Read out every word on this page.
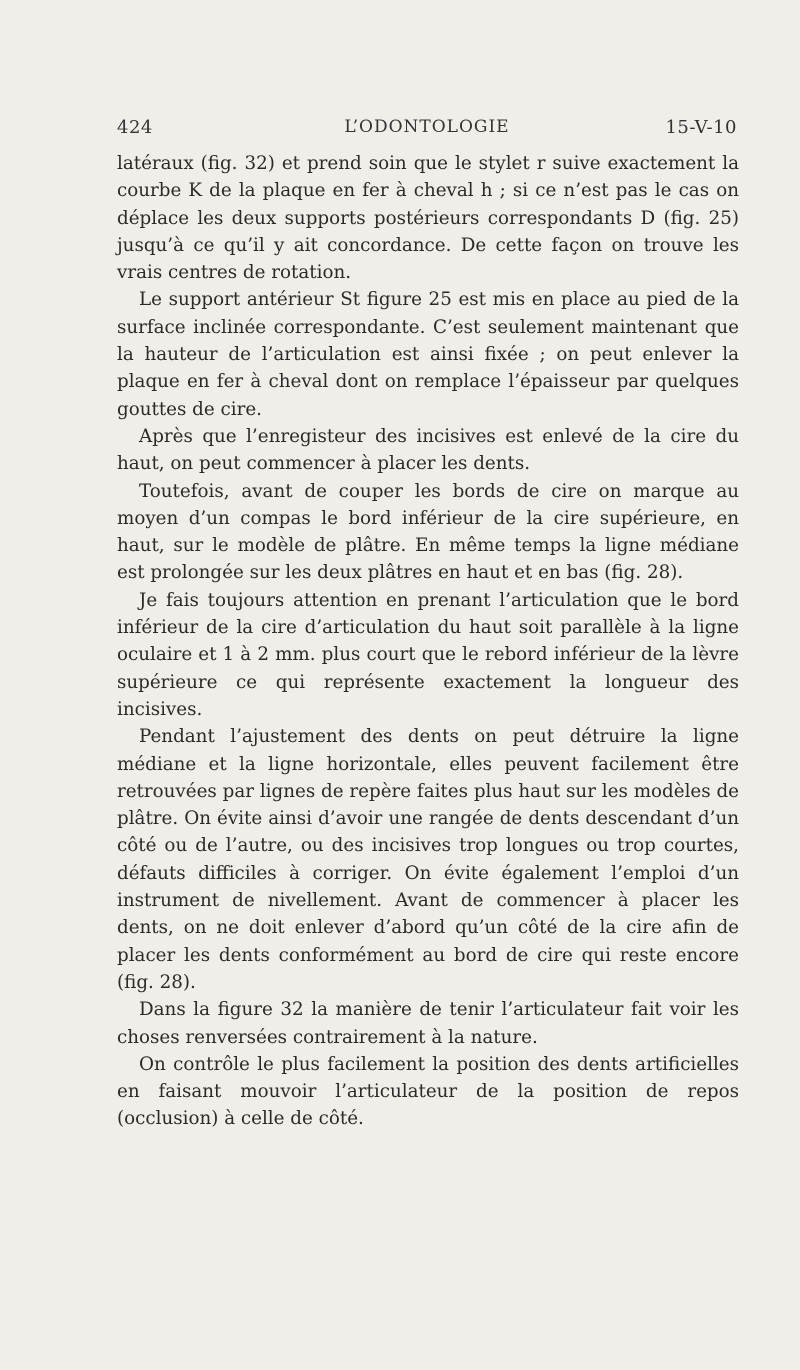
424	L’ODONTOLOGIE	15-V-10

latéraux (fig. 32) et prend soin que le stylet r suive exactement la courbe K de la plaque en fer à cheval h ; si ce n’est pas le cas on déplace les deux supports postérieurs correspondants D (fig. 25) jusqu’à ce qu’il y ait concordance. De cette façon on trouve les vrais centres de rotation.

Le support antérieur St figure 25 est mis en place au pied de la surface inclinée correspondante. C’est seulement maintenant que la hauteur de l’articulation est ainsi fixée ; on peut enlever la plaque en fer à cheval dont on remplace l’épaisseur par quelques gouttes de cire.

Après que l’enregisteur des incisives est enlevé de la cire du haut, on peut commencer à placer les dents.

Toutefois, avant de couper les bords de cire on marque au moyen d’un compas le bord inférieur de la cire supérieure, en haut, sur le modèle de plâtre. En même temps la ligne médiane est prolongée sur les deux plâtres en haut et en bas (fig. 28).

Je fais toujours attention en prenant l’articulation que le bord inférieur de la cire d’articulation du haut soit parallèle à la ligne oculaire et 1 à 2 mm. plus court que le rebord inférieur de la lèvre supérieure ce qui représente exactement la longueur des incisives.

Pendant l’ajustement des dents on peut détruire la ligne médiane et la ligne horizontale, elles peuvent facilement être retrouvées par lignes de repère faites plus haut sur les modèles de plâtre. On évite ainsi d’avoir une rangée de dents descendant d’un côté ou de l’autre, ou des incisives trop longues ou trop courtes, défauts difficiles à corriger. On évite également l’emploi d’un instrument de nivellement. Avant de commencer à placer les dents, on ne doit enlever d’abord qu’un côté de la cire afin de placer les dents conformément au bord de cire qui reste encore (fig. 28).

Dans la figure 32 la manière de tenir l’articulateur fait voir les choses renversées contrairement à la nature.

On contrôle le plus facilement la position des dents artificielles en faisant mouvoir l’articulateur de la position de repos (occlusion) à celle de côté.
